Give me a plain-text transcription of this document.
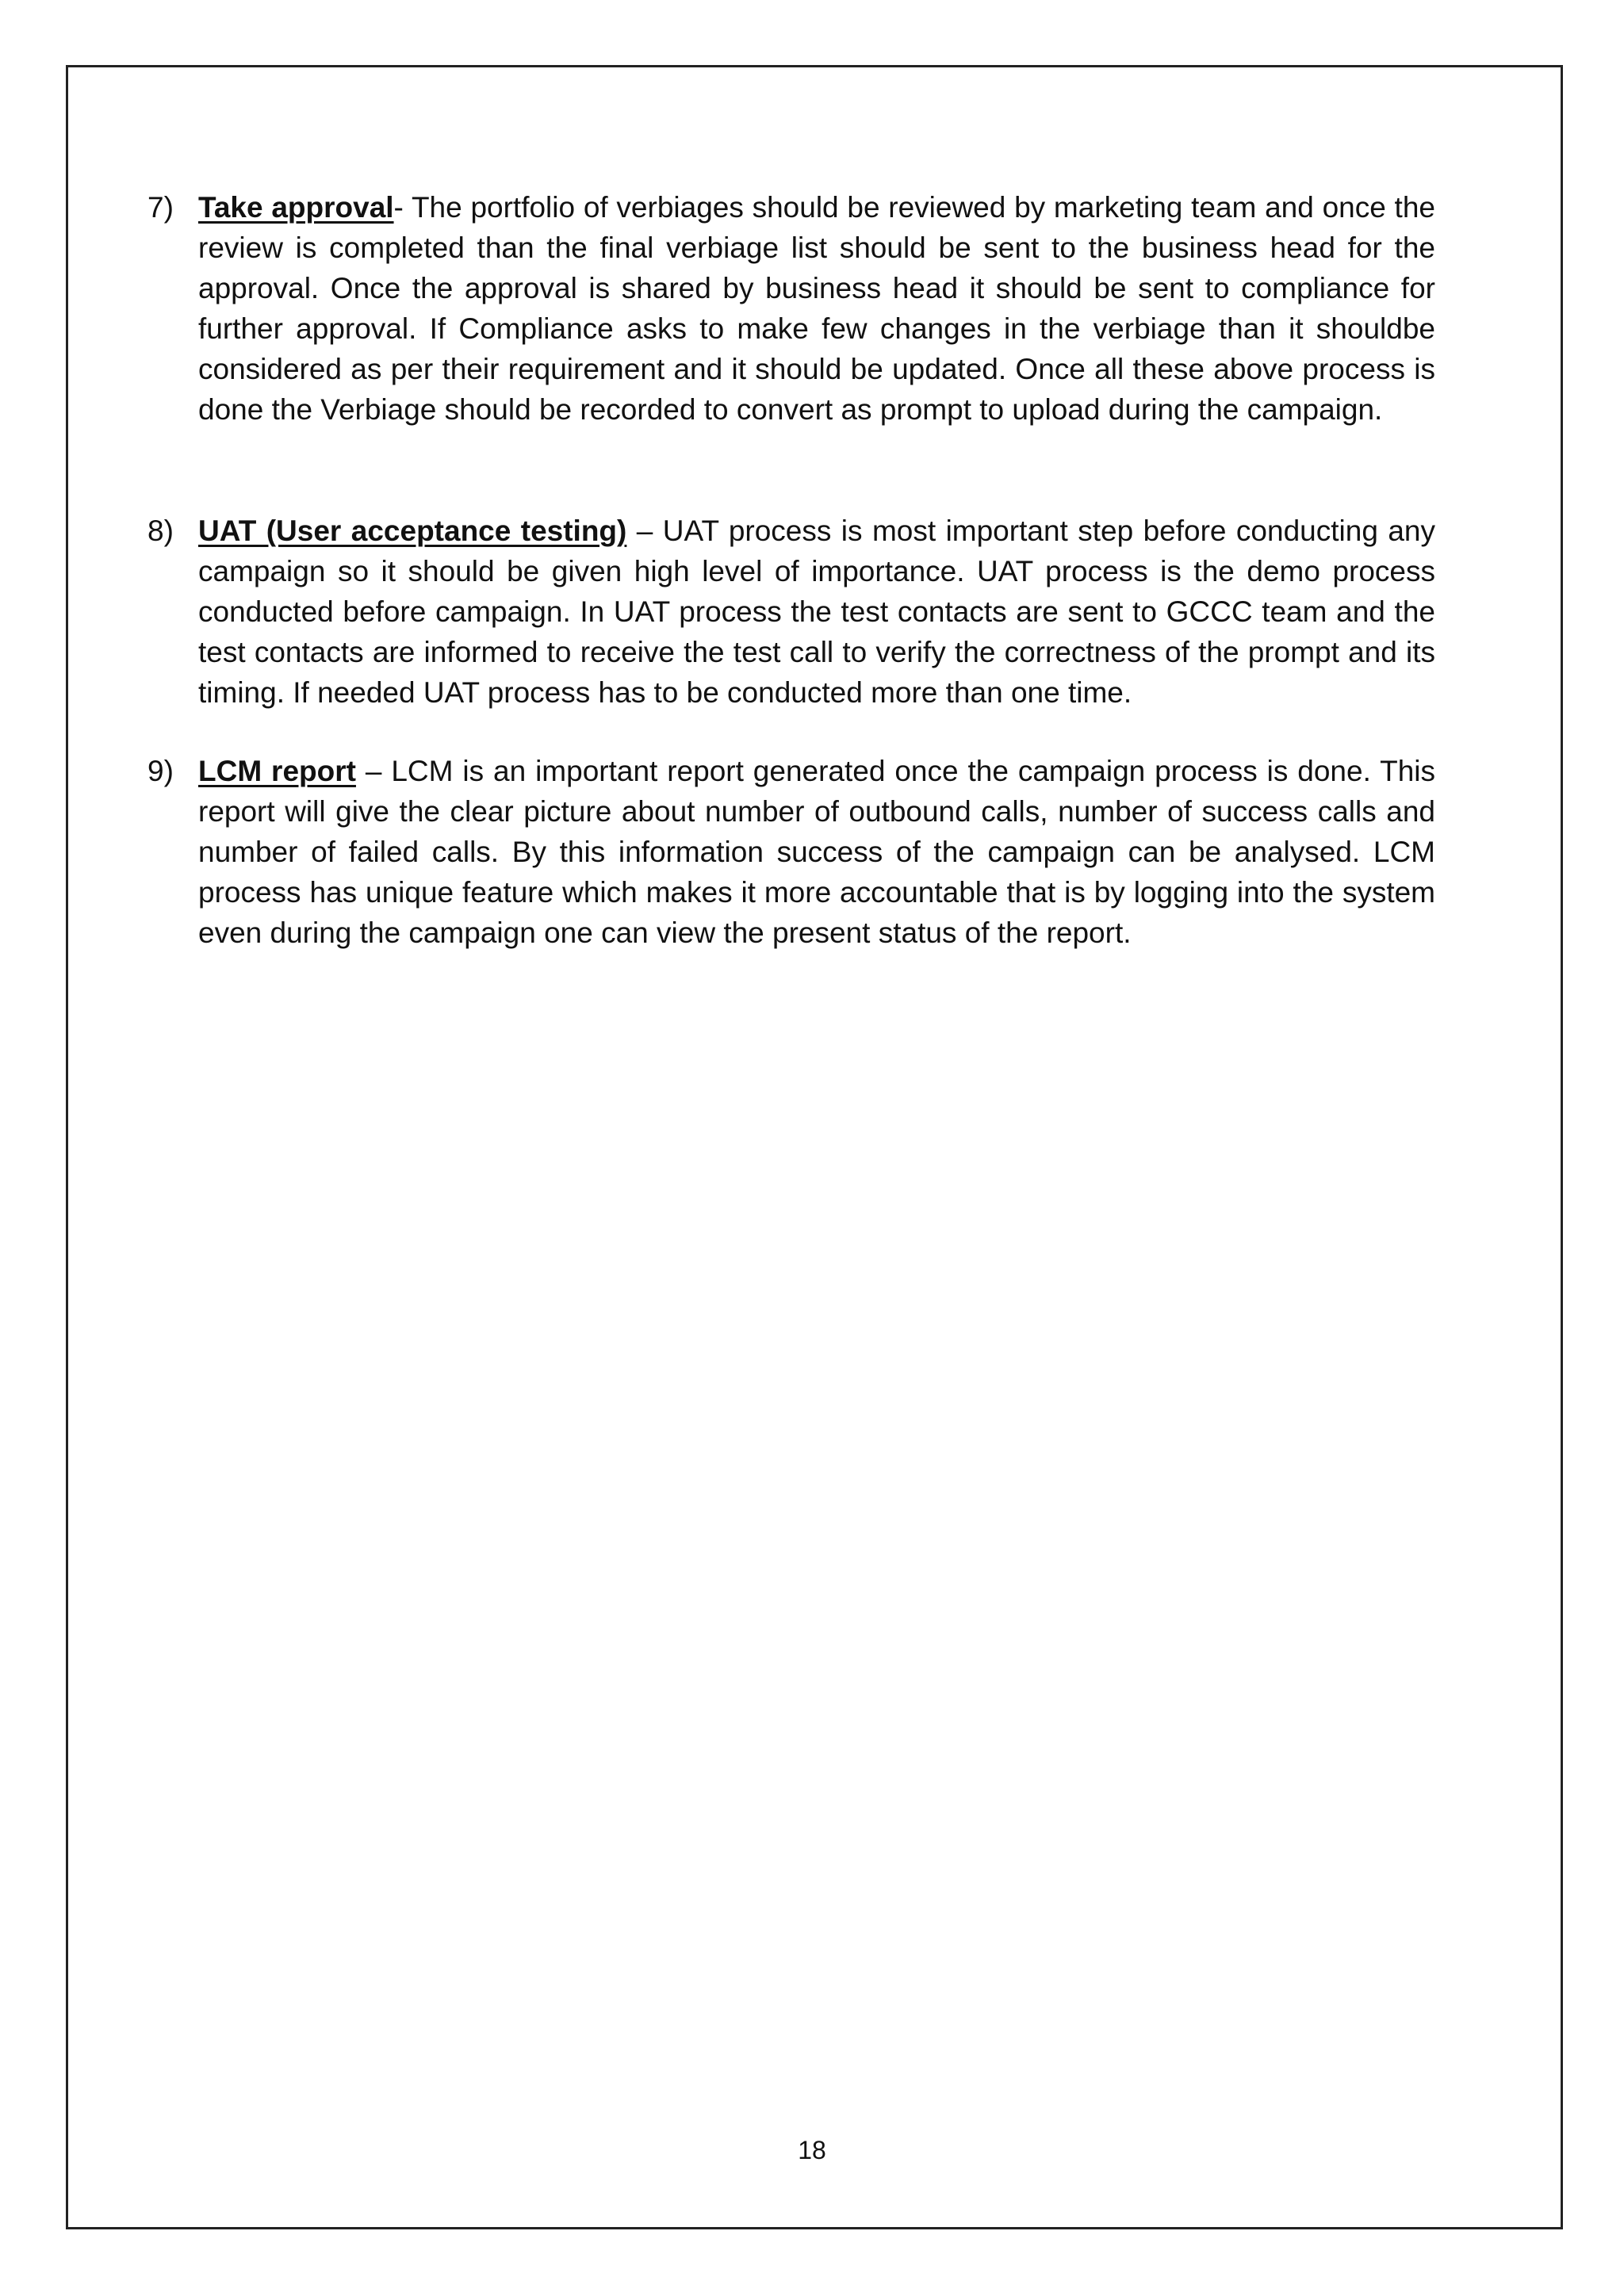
7) Take approval- The portfolio of verbiages should be reviewed by marketing team and once the review is completed than the final verbiage list should be sent to the business head for the approval. Once the approval is shared by business head it should be sent to compliance for further approval. If Compliance asks to make few changes in the verbiage than it shouldbe considered as per their requirement and it should be updated. Once all these above process is done the Verbiage should be recorded to convert as prompt to upload during the campaign.
8) UAT (User acceptance testing) – UAT process is most important step before conducting any campaign so it should be given high level of importance. UAT process is the demo process conducted before campaign. In UAT process the test contacts are sent to GCCC team and the test contacts are informed to receive the test call to verify the correctness of the prompt and its timing. If needed UAT process has to be conducted more than one time.
9) LCM report – LCM is an important report generated once the campaign process is done. This report will give the clear picture about number of outbound calls, number of success calls and number of failed calls. By this information success of the campaign can be analysed. LCM process has unique feature which makes it more accountable that is by logging into the system even during the campaign one can view the present status of the report.
18
